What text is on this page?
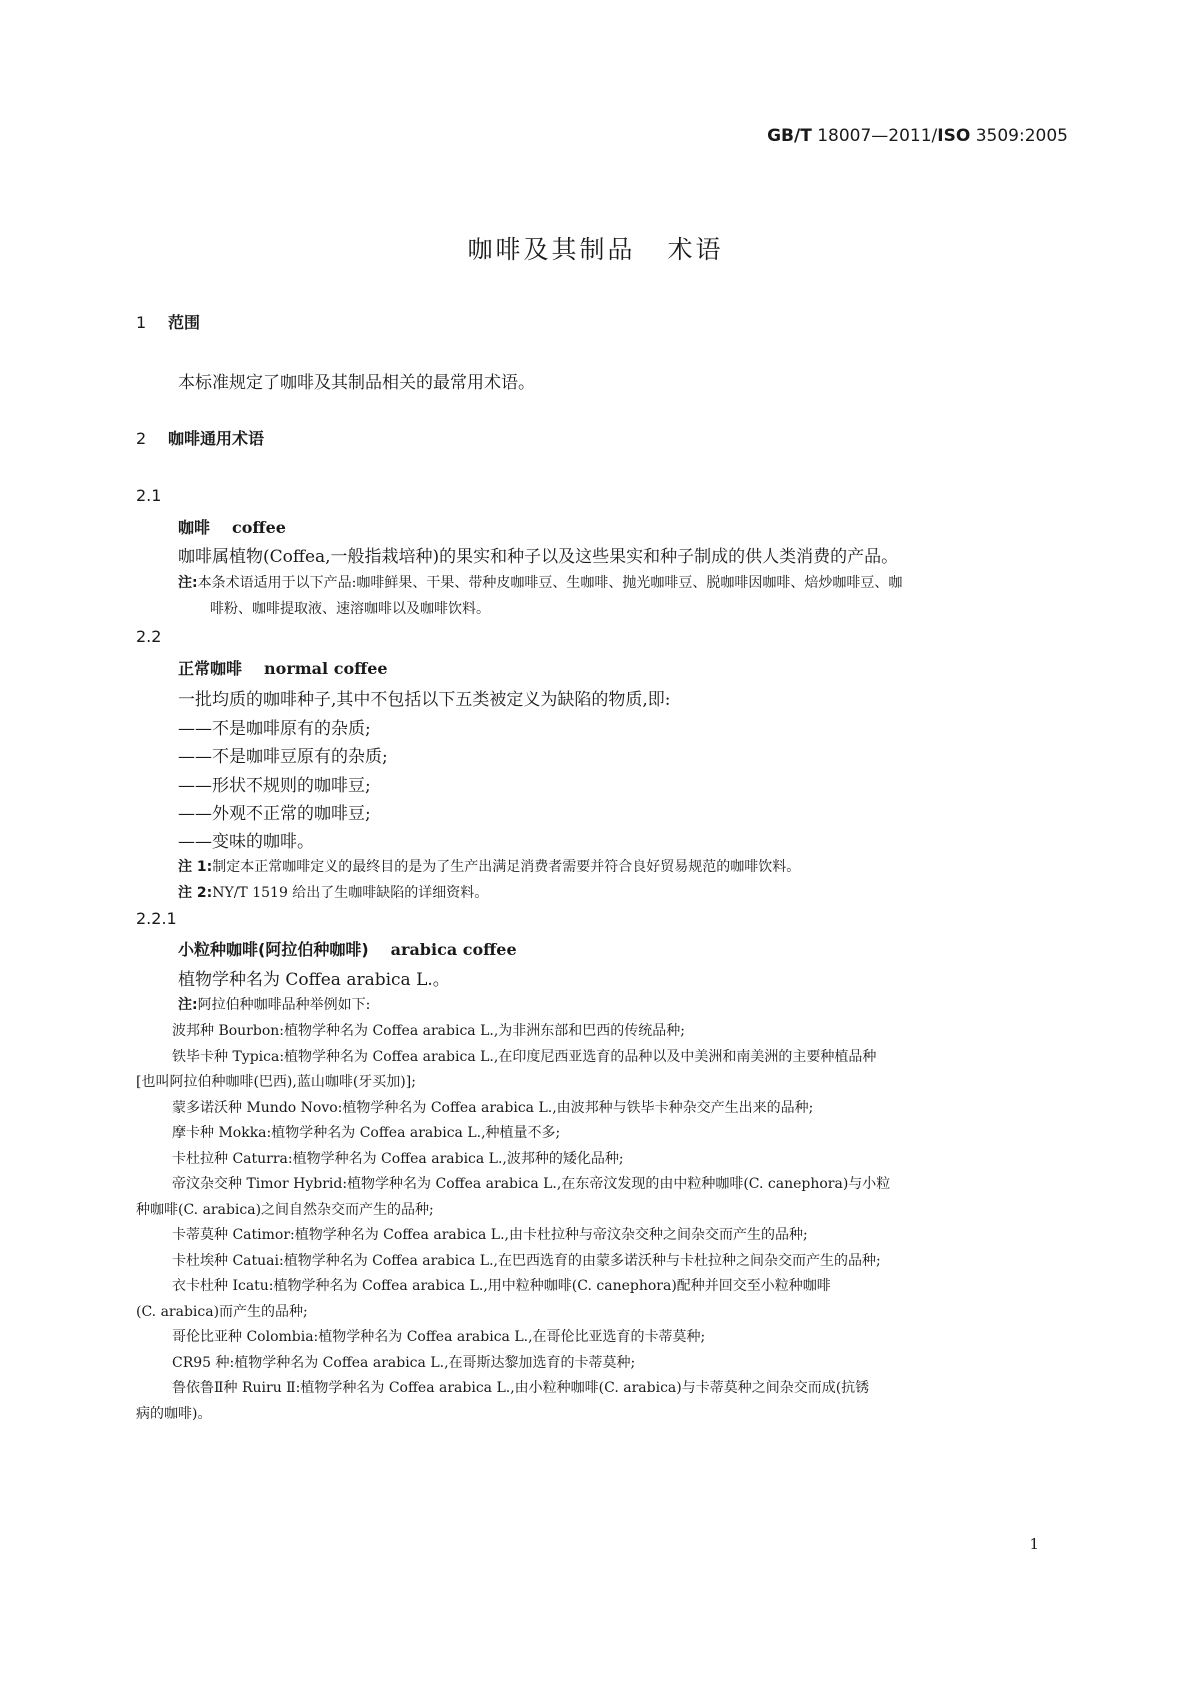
GB/T 18007—2011/ISO 3509:2005
咖啡及其制品 术语
1 范围
本标准规定了咖啡及其制品相关的最常用术语。
2 咖啡通用术语
2.1
咖啡 coffee
咖啡属植物(Coffea,一般指栽培种)的果实和种子以及这些果实和种子制成的供人类消费的产品。
注:本条术语适用于以下产品:咖啡鲜果、干果、带种皮咖啡豆、生咖啡、抛光咖啡豆、脱咖啡因咖啡、焙炒咖啡豆、咖
啡粉、咖啡提取液、速溶咖啡以及咖啡饮料。
2.2
正常咖啡 normal coffee
一批均质的咖啡种子,其中不包括以下五类被定义为缺陷的物质,即:
——不是咖啡原有的杂质;
——不是咖啡豆原有的杂质;
——形状不规则的咖啡豆;
——外观不正常的咖啡豆;
——变味的咖啡。
注 1:制定本正常咖啡定义的最终目的是为了生产出满足消费者需要并符合良好贸易规范的咖啡饮料。
注 2:NY/T 1519 给出了生咖啡缺陷的详细资料。
2.2.1
小粒种咖啡(阿拉伯种咖啡) arabica coffee
植物学种名为 Coffea arabica L.。
注:阿拉伯种咖啡品种举例如下:
波邦种 Bourbon:植物学种名为 Coffea arabica L.,为非洲东部和巴西的传统品种;
铁毕卡种 Typica:植物学种名为 Coffea arabica L.,在印度尼西亚选育的品种以及中美洲和南美洲的主要种植品种
[也叫阿拉伯种咖啡(巴西),蓝山咖啡(牙买加)];
蒙多诺沃种 Mundo Novo:植物学种名为 Coffea arabica L.,由波邦种与铁毕卡种杂交产生出来的品种;
摩卡种 Mokka:植物学种名为 Coffea arabica L.,种植量不多;
卡杜拉种 Caturra:植物学种名为 Coffea arabica L.,波邦种的矮化品种;
帝汶杂交种 Timor Hybrid:植物学种名为 Coffea arabica L.,在东帝汶发现的由中粒种咖啡(C. canephora)与小粒
种咖啡(C. arabica)之间自然杂交而产生的品种;
卡蒂莫种 Catimor:植物学种名为 Coffea arabica L.,由卡杜拉种与帝汶杂交种之间杂交而产生的品种;
卡杜埃种 Catuai:植物学种名为 Coffea arabica L.,在巴西选育的由蒙多诺沃种与卡杜拉种之间杂交而产生的品种;
衣卡杜种 Icatu:植物学种名为 Coffea arabica L.,用中粒种咖啡(C. canephora)配种并回交至小粒种咖啡
(C. arabica)而产生的品种;
哥伦比亚种 Colombia:植物学种名为 Coffea arabica L.,在哥伦比亚选育的卡蒂莫种;
CR95 种:植物学种名为 Coffea arabica L.,在哥斯达黎加选育的卡蒂莫种;
鲁依鲁Ⅱ种 Ruiru Ⅱ:植物学种名为 Coffea arabica L.,由小粒种咖啡(C. arabica)与卡蒂莫种之间杂交而成(抗锈
病的咖啡)。
1
